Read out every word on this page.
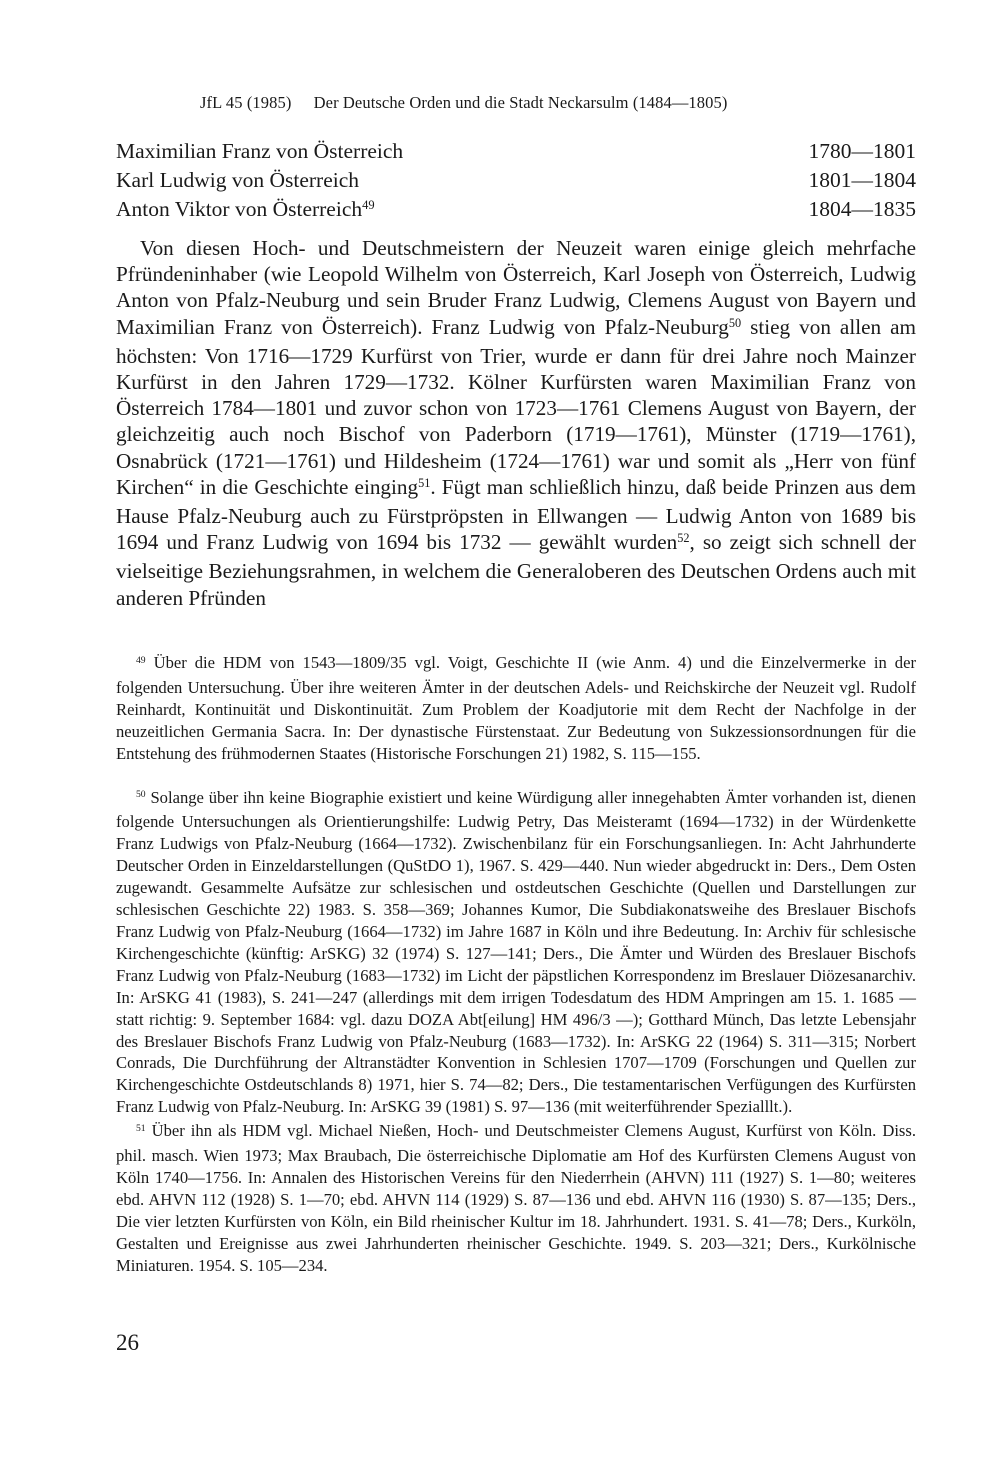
JfL 45 (1985) Der Deutsche Orden und die Stadt Neckarsulm (1484—1805)
Maximilian Franz von Österreich	1780—1801
Karl Ludwig von Österreich	1801—1804
Anton Viktor von Österreich$^{49}$	1804—1835

Von diesen Hoch- und Deutschmeistern der Neuzeit waren einige gleich mehrfache Pfründeninhaber (wie Leopold Wilhelm von Österreich, Karl Joseph von Österreich, Ludwig Anton von Pfalz-Neuburg und sein Bruder Franz Ludwig, Clemens August von Bayern und Maximilian Franz von Österreich). Franz Ludwig von Pfalz-Neuburg$^{50}$ stieg von allen am höchsten: Von 1716—1729 Kurfürst von Trier, wurde er dann für drei Jahre noch Mainzer Kurfürst in den Jahren 1729—1732. Kölner Kurfürsten waren Maximilian Franz von Österreich 1784—1801 und zuvor schon von 1723—1761 Clemens August von Bayern, der gleichzeitig auch noch Bischof von Paderborn (1719—1761), Münster (1719—1761), Osnabrück (1721—1761) und Hildesheim (1724—1761) war und somit als „Herr von fünf Kirchen“ in die Geschichte einging$^{51}$. Fügt man schließlich hinzu, daß beide Prinzen aus dem Hause Pfalz-Neuburg auch zu Fürstpröpsten in Ellwangen — Ludwig Anton von 1689 bis 1694 und Franz Ludwig von 1694 bis 1732 — gewählt wurden$^{52}$, so zeigt sich schnell der vielseitige Beziehungsrahmen, in welchem die Generaloberen des Deutschen Ordens auch mit anderen Pfründen

$^{49}$ Über die HDM von 1543—1809/35 vgl. Voigt, Geschichte II (wie Anm. 4) und die Einzelvermerke in der folgenden Untersuchung. Über ihre weiteren Ämter in der deutschen Adels- und Reichskirche der Neuzeit vgl. Rudolf Reinhardt, Kontinuität und Diskontinuität. Zum Problem der Koadjutorie mit dem Recht der Nachfolge in der neuzeitlichen Germania Sacra. In: Der dynastische Fürstenstaat. Zur Bedeutung von Sukzessionsordnungen für die Entstehung des frühmodernen Staates (Historische Forschungen 21) 1982, S. 115—155.

$^{50}$ Solange über ihn keine Biographie existiert und keine Würdigung aller innegehabten Ämter vorhanden ist, dienen folgende Untersuchungen als Orientierungshilfe: Ludwig Petry, Das Meisteramt (1694—1732) in der Würdenkette Franz Ludwigs von Pfalz-Neuburg (1664—1732). Zwischenbilanz für ein Forschungsanliegen. In: Acht Jahrhunderte Deutscher Orden in Einzeldarstellungen (QuStDO 1), 1967. S. 429—440. Nun wieder abgedruckt in: Ders., Dem Osten zugewandt. Gesammelte Aufsätze zur schlesischen und ostdeutschen Geschichte (Quellen und Darstellungen zur schlesischen Geschichte 22) 1983. S. 358—369; Johannes Kumor, Die Subdiakonatsweihe des Breslauer Bischofs Franz Ludwig von Pfalz-Neuburg (1664—1732) im Jahre 1687 in Köln und ihre Bedeutung. In: Archiv für schlesische Kirchengeschichte (künftig: ArSKG) 32 (1974) S. 127—141; Ders., Die Ämter und Würden des Breslauer Bischofs Franz Ludwig von Pfalz-Neuburg (1683—1732) im Licht der päpstlichen Korrespondenz im Breslauer Diözesanarchiv. In: ArSKG 41 (1983), S. 241—247 (allerdings mit dem irrigen Todesdatum des HDM Ampringen am 15. 1. 1685 — statt richtig: 9. September 1684: vgl. dazu DOZA Abt[eilung] HM 496/3 —); Gotthard Münch, Das letzte Lebensjahr des Breslauer Bischofs Franz Ludwig von Pfalz-Neuburg (1683—1732). In: ArSKG 22 (1964) S. 311—315; Norbert Conrads, Die Durchführung der Altranstädter Konvention in Schlesien 1707—1709 (Forschungen und Quellen zur Kirchengeschichte Ostdeutschlands 8) 1971, hier S. 74—82; Ders., Die testamentarischen Verfügungen des Kurfürsten Franz Ludwig von Pfalz-Neuburg. In: ArSKG 39 (1981) S. 97—136 (mit weiterführender Spezialllt.).

$^{51}$ Über ihn als HDM vgl. Michael Nießen, Hoch- und Deutschmeister Clemens August, Kurfürst von Köln. Diss. phil. masch. Wien 1973; Max Braubach, Die österreichische Diplomatie am Hof des Kurfürsten Clemens August von Köln 1740—1756. In: Annalen des Historischen Vereins für den Niederrhein (AHVN) 111 (1927) S. 1—80; weiteres ebd. AHVN 112 (1928) S. 1—70; ebd. AHVN 114 (1929) S. 87—136 und ebd. AHVN 116 (1930) S. 87—135; Ders., Die vier letzten Kurfürsten von Köln, ein Bild rheinischer Kultur im 18. Jahrhundert. 1931. S. 41—78; Ders., Kurköln, Gestalten und Ereignisse aus zwei Jahrhunderten rheinischer Geschichte. 1949. S. 203—321; Ders., Kurkölnische Miniaturen. 1954. S. 105—234.

26
